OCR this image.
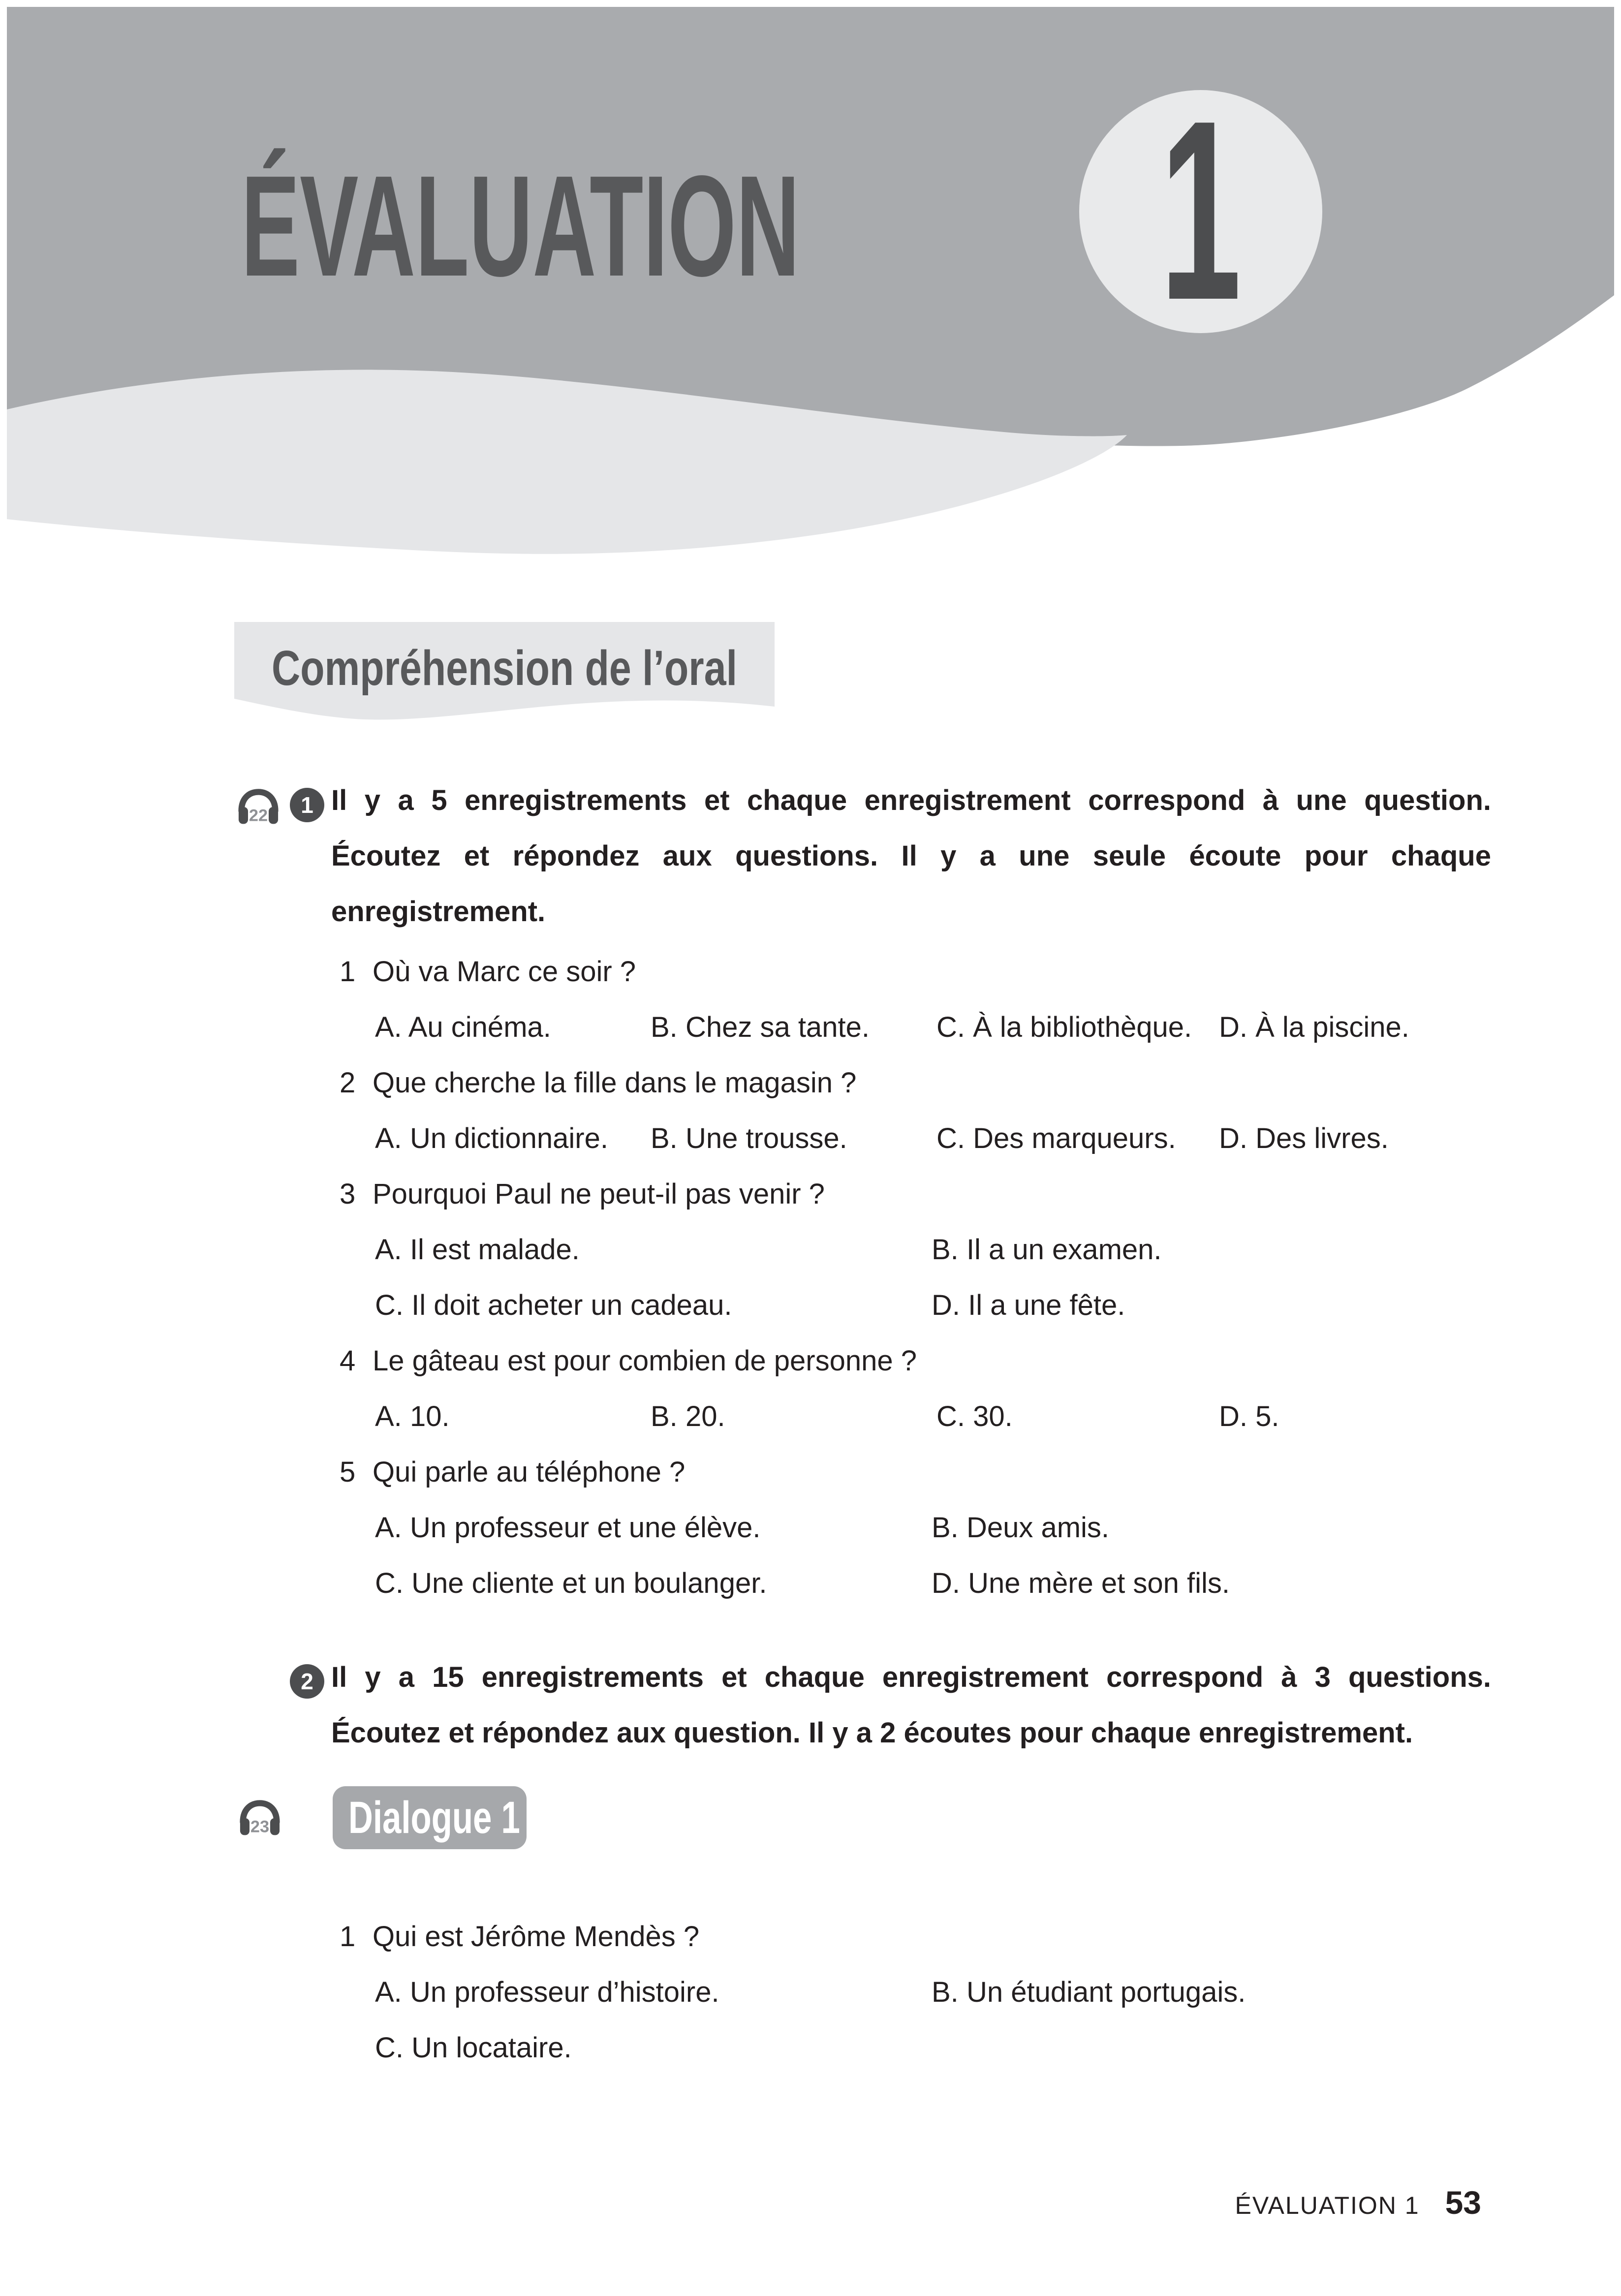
1
ÉVALUATION
Compréhension de l’oral
22	1 Il y a 5 enregistrements et chaque enregistrement correspond à une question.
Écoutez et répondez aux questions. Il y a une seule écoute pour chaque
enregistrement.
1 Où va Marc ce soir ?
A. Au cinéma.	B. Chez sa tante. C. À la bibliothèque. D. À la piscine.
2 Que cherche la fille dans le magasin ?
A. Un dictionnaire. B. Une trousse.	C. Des marqueurs. D. Des livres.
3 Pourquoi Paul ne peut-il pas venir ?
A. Il est malade.	B. Il a un examen.
C. Il doit acheter un cadeau.	D. Il a une fête.
4 Le gâteau est pour combien de personne ?
A. 10.	B. 20.	C. 30.	D. 5.
5 Qui parle au téléphone ?
A. Un professeur et une élève.	B. Deux amis.
C. Une cliente et un boulanger.	D. Une mère et son fils.
2 Il y a 15 enregistrements et chaque enregistrement correspond à 3 questions.
Écoutez et répondez aux question. Il y a 2 écoutes pour chaque enregistrement.
23 Dialogue 1
1 Qui est Jérôme Mendès ?
A. Un professeur d’histoire.	B. Un étudiant portugais.
C. Un locataire.
ÉVALUATION 1 53
